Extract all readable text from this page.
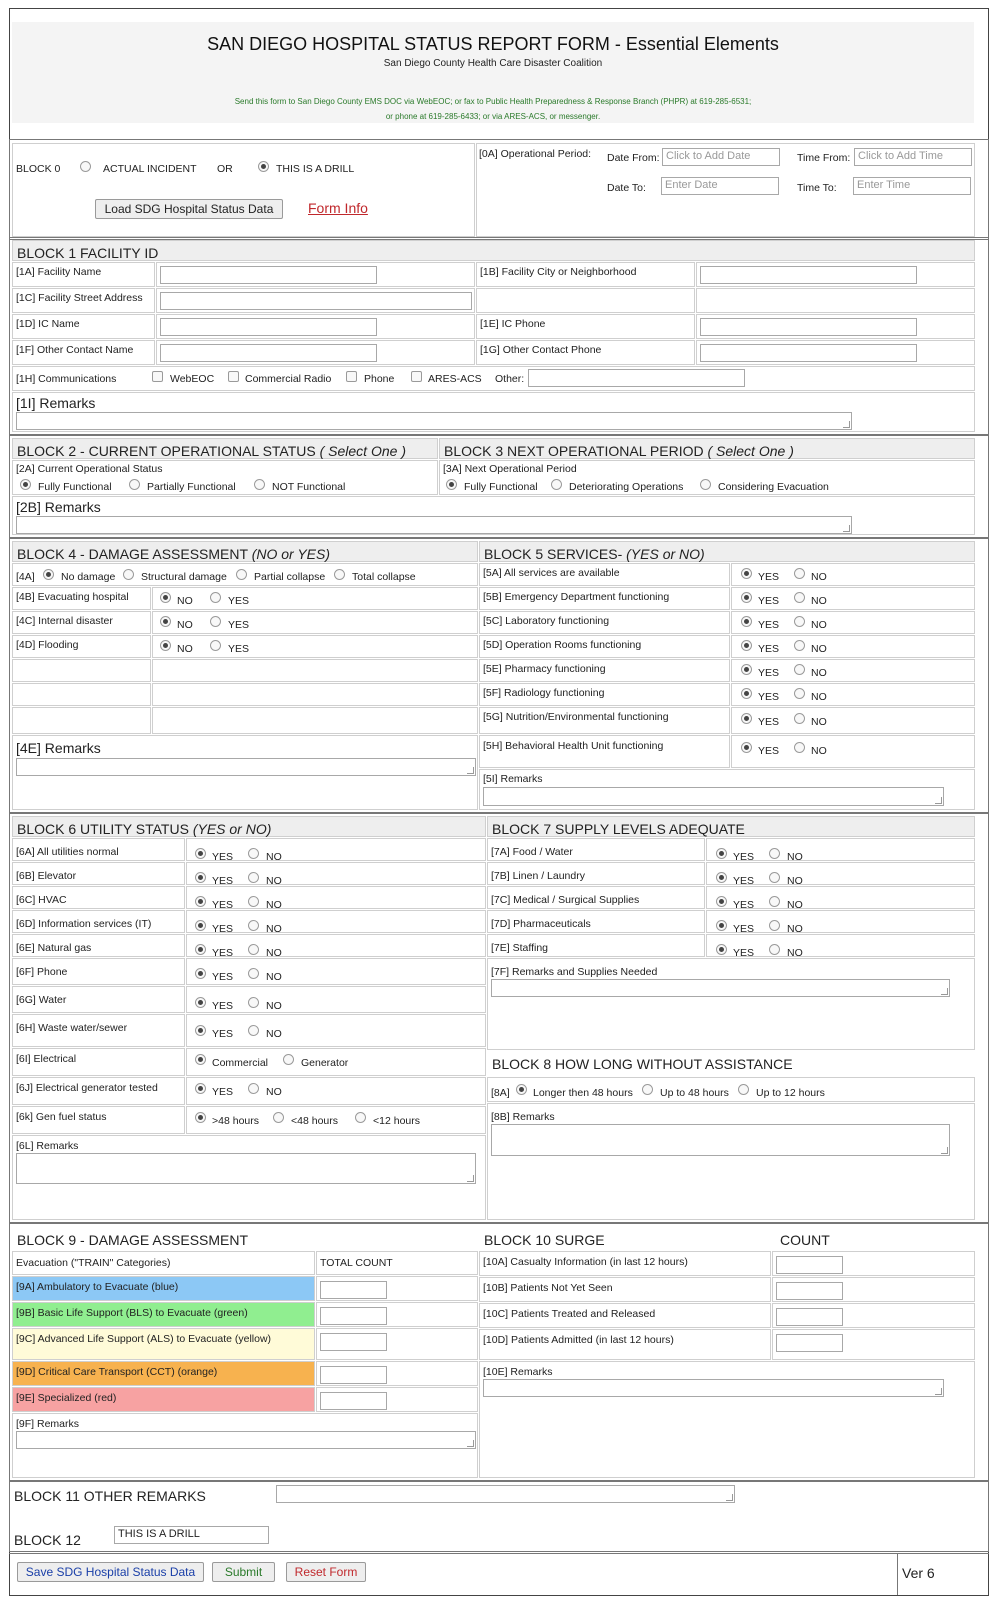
SAN DIEGO HOSPITAL STATUS REPORT FORM - Essential Elements
San Diego County Health Care Disaster Coalition
Send this form to San Diego County EMS DOC via WebEOC; or fax to Public Health Preparedness & Response Branch (PHPR) at 619-285-6531;
or phone at 619-285-6433; or via ARES-ACS, or messenger.
BLOCK 0	ACTUAL INCIDENT OR	THIS IS A DRILL
Load SDG Hospital Status Data	Form Info
[0A] Operational Period: Date From: Click to Add Date	Time From: Click to Add Time
Date To:	Enter Date	Time To:	Enter Time
BLOCK 1 FACILITY ID
[1A] Facility Name	[1B] Facility City or Neighborhood
[1C] Facility Street Address
[1D] IC Name	[1E] IC Phone
[1F] Other Contact Name	[1G] Other Contact Phone
[1H] Communications	WebEOC	Commercial Radio	Phone	ARES-ACS Other:
[1I] Remarks
BLOCK 2 - CURRENT OPERATIONAL STATUS ( Select One )	BLOCK 3 NEXT OPERATIONAL PERIOD ( Select One )
[2A] Current Operational Status
Fully Functional	Partially Functional	NOT Functional
[3A] Next Operational Period
Fully Functional	Deteriorating Operations	Considering Evacuation
[2B] Remarks
BLOCK 4 - DAMAGE ASSESSMENT (NO or YES)	BLOCK 5 SERVICES- (YES or NO)
[4A]	No damage Structural damage	Partial collapse	Total collapse
[4B] Evacuating hospital	NO	YES
[4C] Internal disaster	NO	YES
[4D] Flooding	NO	YES
[4E] Remarks
[5A] All services are available	YES	NO
[5B] Emergency Department functioning	YES	NO
[5C] Laboratory functioning	YES	NO
[5D] Operation Rooms functioning	YES	NO
[5E] Pharmacy functioning	YES	NO
[5F] Radiology functioning	YES	NO
[5G] Nutrition/Environmental functioning	YES	NO
[5H] Behavioral Health Unit functioning	YES	NO
[5I] Remarks
BLOCK 6 UTILITY STATUS (YES or NO)	BLOCK 7 SUPPLY LEVELS ADEQUATE
[6A] All utilities normal	YES	NO
[6B] Elevator	YES	NO
[6C] HVAC	YES	NO
[6D] Information services (IT)	YES	NO
[6E] Natural gas	YES	NO
[6F] Phone	YES	NO
[6G] Water	YES	NO
[6H] Waste water/sewer	YES	NO
[6I] Electrical	Commercial	Generator
[6J] Electrical generator tested	YES	NO
[6k] Gen fuel status	>48 hours	<48 hours	<12 hours
[6L] Remarks
[7A] Food / Water	YES	NO
[7B] Linen / Laundry	YES	NO
[7C] Medical / Surgical Supplies	YES	NO
[7D] Pharmaceuticals	YES	NO
[7E] Staffing	YES	NO
[7F] Remarks and Supplies Needed
BLOCK 8 HOW LONG WITHOUT ASSISTANCE
[8A] Longer then 48 hours	Up to 48 hours	Up to 12 hours
[8B] Remarks
BLOCK 9 - DAMAGE ASSESSMENT
Evacuation ("TRAIN" Categories)	TOTAL COUNT
[9A] Ambulatory to Evacuate (blue)
[9B] Basic Life Support (BLS) to Evacuate (green)
[9C] Advanced Life Support (ALS) to Evacuate (yellow)
[9D] Critical Care Transport (CCT) (orange)
[9E] Specialized (red)
[9F] Remarks
BLOCK 10 SURGE	COUNT
[10A] Casualty Information (in last 12 hours)
[10B] Patients Not Yet Seen
[10C] Patients Treated and Released
[10D] Patients Admitted (in last 12 hours)
[10E] Remarks
BLOCK 11 OTHER REMARKS
BLOCK 12	THIS IS A DRILL
Save SDG Hospital Status Data	Submit	Reset Form	Ver 6
